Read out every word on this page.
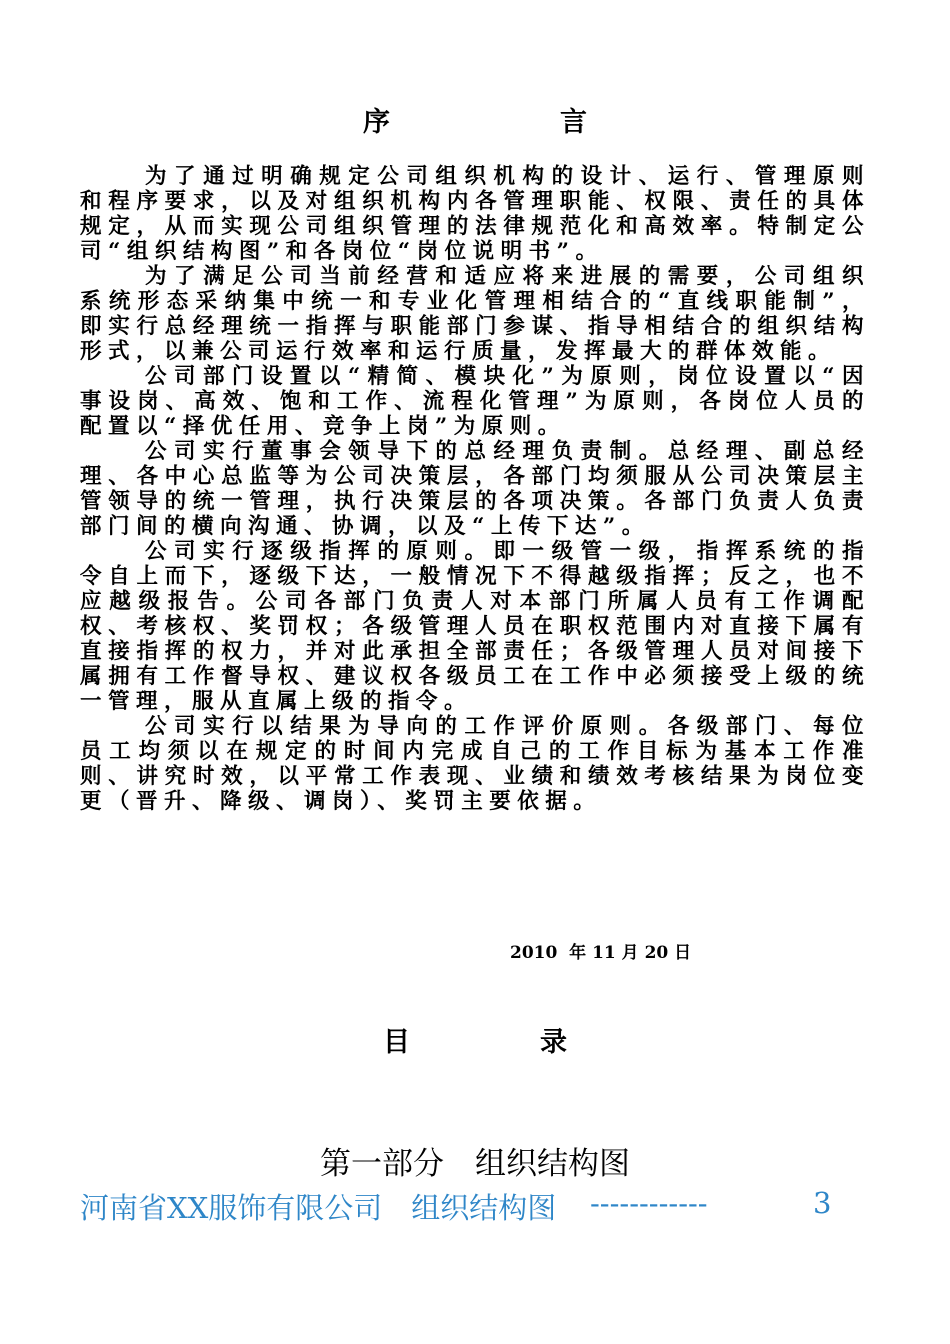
序	言

为了通过明确规定公司组织机构的设计、运行、管理原则和程序要求，以及对组织机构内各管理职能、权限、责任的具体规定，从而实现公司组织管理的法律规范化和高效率。特制定公司“组织结构图”和各岗位“岗位说明书”。

为了满足公司当前经营和适应将来进展的需要，公司组织系统形态采纳集中统一和专业化管理相结合的“直线职能制”，即实行总经理统一指挥与职能部门参谋、指导相结合的组织结构形式，以兼公司运行效率和运行质量，发挥最大的群体效能。

公司部门设置以“精简、模块化”为原则，岗位设置以“因事设岗、高效、饱和工作、流程化管理”为原则，各岗位人员的配置以“择优任用、竞争上岗”为原则。

公司实行董事会领导下的总经理负责制。总经理、副总经理、各中心总监等为公司决策层，各部门均须服从公司决策层主管领导的统一管理，执行决策层的各项决策。各部门负责人负责部门间的横向沟通、协调，以及“上传下达”。

公司实行逐级指挥的原则。即一级管一级，指挥系统的指令自上而下，逐级下达，一般情况下不得越级指挥；反之，也不应越级报告。公司各部门负责人对本部门所属人员有工作调配权、考核权、奖罚权；各级管理人员在职权范围内对直接下属有直接指挥的权力，并对此承担全部责任；各级管理人员对间接下属拥有工作督导权、建议权各级员工在工作中必须接受上级的统一管理，服从直属上级的指令。

公司实行以结果为导向的工作评价原则。各级部门、每位员工均须以在规定的时间内完成自己的工作目标为基本工作准则、讲究时效，以平常工作表现、业绩和绩效考核结果为岗位变更（晋升、降级、调岗）、奖罚主要依据。

2010  年 11 月 20 日
目	录
第一部分　组织结构图
河南省XX服饰有限公司　组织结构图 ------------	3
